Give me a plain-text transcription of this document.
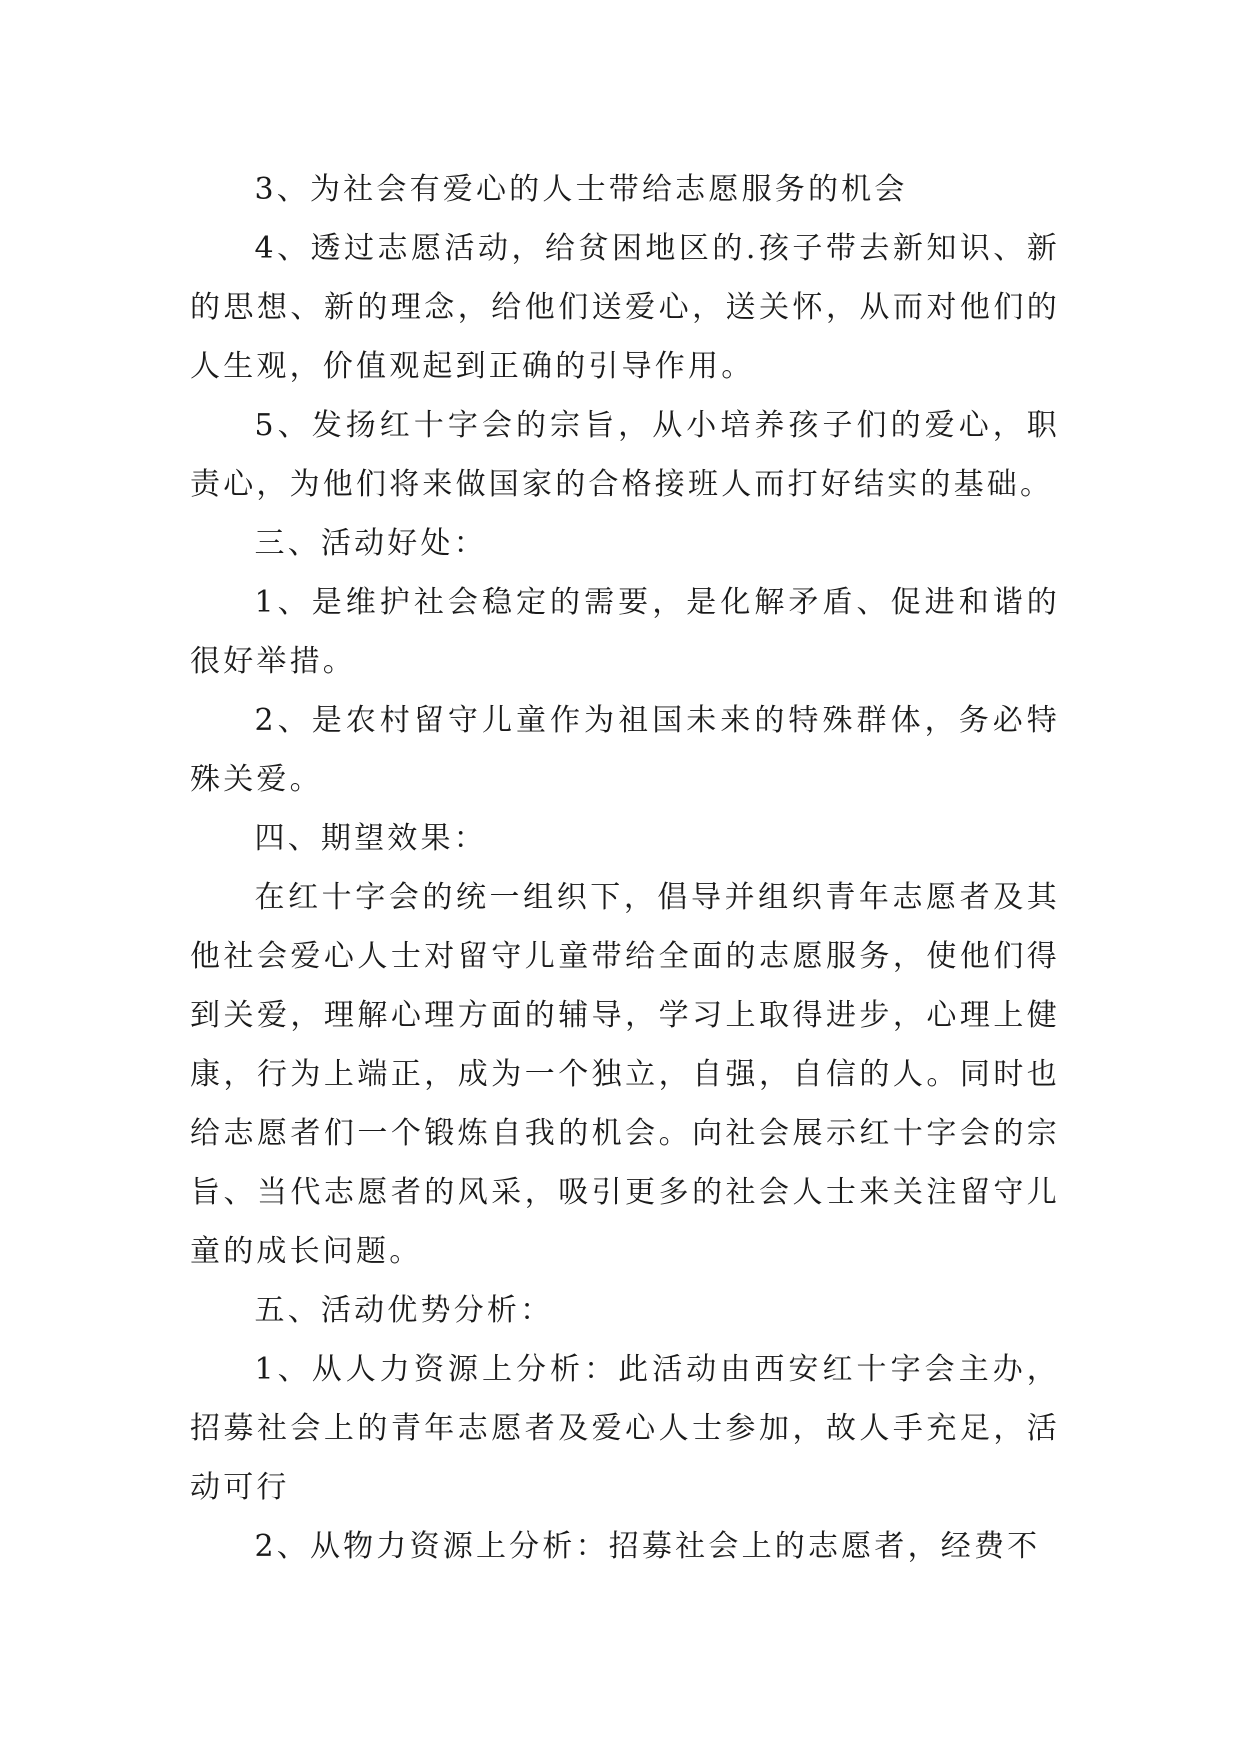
3、为社会有爱心的人士带给志愿服务的机会

4、透过志愿活动，给贫困地区的.孩子带去新知识、新的思想、新的理念，给他们送爱心，送关怀，从而对他们的人生观，价值观起到正确的引导作用。

5、发扬红十字会的宗旨，从小培养孩子们的爱心，职责心，为他们将来做国家的合格接班人而打好结实的基础。

三、活动好处：

1、是维护社会稳定的需要，是化解矛盾、促进和谐的很好举措。

2、是农村留守儿童作为祖国未来的特殊群体，务必特殊关爱。

四、期望效果：

在红十字会的统一组织下，倡导并组织青年志愿者及其他社会爱心人士对留守儿童带给全面的志愿服务，使他们得到关爱，理解心理方面的辅导，学习上取得进步，心理上健康，行为上端正，成为一个独立，自强，自信的人。同时也给志愿者们一个锻炼自我的机会。向社会展示红十字会的宗旨、当代志愿者的风采，吸引更多的社会人士来关注留守儿童的成长问题。

五、活动优势分析：

1、从人力资源上分析：此活动由西安红十字会主办，招募社会上的青年志愿者及爱心人士参加，故人手充足，活动可行

2、从物力资源上分析：招募社会上的志愿者，经费不
